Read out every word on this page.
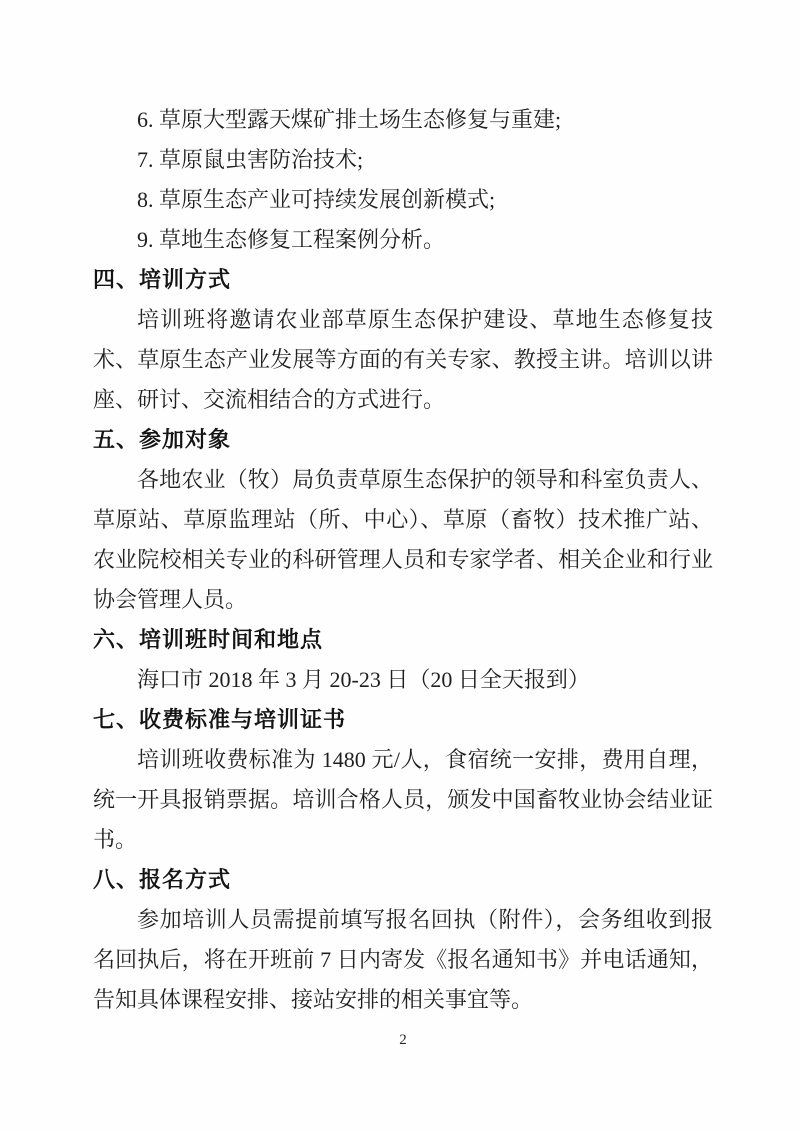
6. 草原大型露天煤矿排土场生态修复与重建;

7. 草原鼠虫害防治技术;

8. 草原生态产业可持续发展创新模式;

9. 草地生态修复工程案例分析。

四、培训方式

培训班将邀请农业部草原生态保护建设、草地生态修复技术、草原生态产业发展等方面的有关专家、教授主讲。培训以讲座、研讨、交流相结合的方式进行。

五、参加对象

各地农业（牧）局负责草原生态保护的领导和科室负责人、草原站、草原监理站（所、中心）、草原（畜牧）技术推广站、农业院校相关专业的科研管理人员和专家学者、相关企业和行业协会管理人员。

六、培训班时间和地点

海口市 2018 年 3 月 20-23 日（20 日全天报到）

七、收费标准与培训证书

培训班收费标准为 1480 元/人，食宿统一安排，费用自理，统一开具报销票据。培训合格人员，颁发中国畜牧业协会结业证书。

八、报名方式

参加培训人员需提前填写报名回执（附件），会务组收到报名回执后，将在开班前 7 日内寄发《报名通知书》并电话通知，告知具体课程安排、接站安排的相关事宜等。

2
